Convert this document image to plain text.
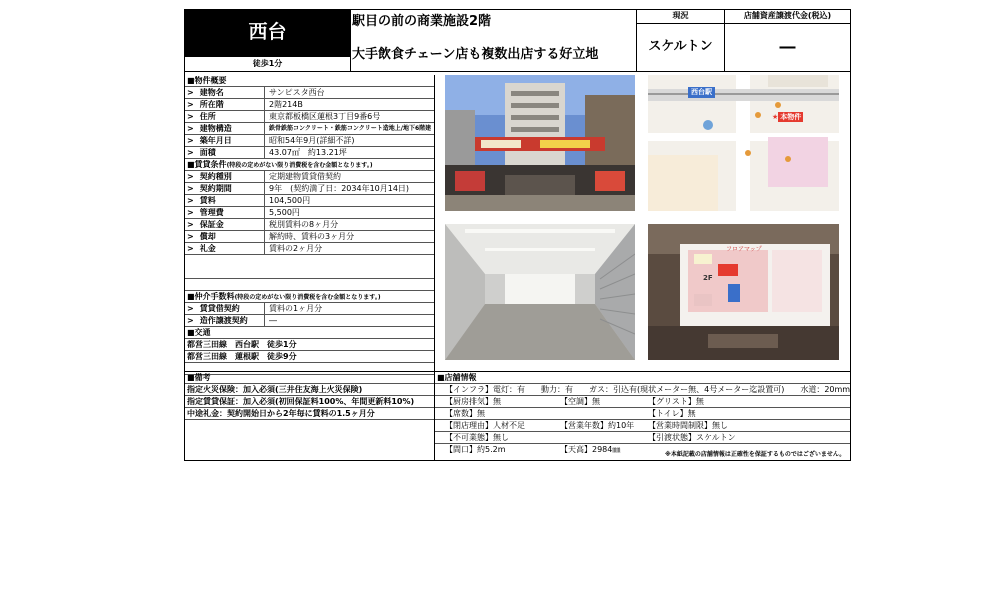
西台
徒歩1分
駅目の前の商業施設2階
大手飲食チェーン店も複数出店する好立地
現況
スケルトン
店舗資産譲渡代金(税込)
―
■物件概要
> 建物名	サンピスタ西台
> 所在階	2階214B
> 住所	東京都板橋区蓮根3丁目9番6号
> 建物構造	鉄骨鉄筋コンクリート・鉄筋コンクリート造地上/地下6階建
> 築年月日	昭和54年9月(詳細不詳)
> 面積	43.07㎡　約13.21坪
■賃貸条件(特段の定めがない限り消費税を含む金額となります。)
> 契約種別	定期建物賃貸借契約
> 契約期間	9年　(契約満了日：2034年10月14日)
> 賃料	104,500円
> 管理費	5,500円
> 保証金	税別賃料の8ヶ月分
> 償却	解約時、賃料の3ヶ月分
> 礼金	賃料の2ヶ月分
■仲介手数料(特段の定めがない限り消費税を含む金額となります。)
> 賃貸借契約	賃料の1ヶ月分
> 造作譲渡契約	―
■交通
都営三田線　西台駅　徒歩1分
都営三田線　蓮根駅　徒歩9分
西台駅
★ 本物件
2F
フロアマップ
■備考
指定火災保険：加入必須(三井住友海上火災保険)
指定賃貸保証：加入必須(初回保証料100%、年間更新料10%)
中途礼金：契約開始日から2年毎に賃料の1.5ヶ月分
■店舗情報
【インフラ】電灯：有　　動力：有　　ガス：引込有(現状メーター無、4号メーター迄設置可)　　水道：20mm
【厨房排気】無	【空調】無	【グリスト】無
【席数】無	【トイレ】無
【閉店理由】人材不足	【営業年数】約10年 【営業時間制限】無し
【不可業態】無し	【引渡状態】スケルトン
【間口】約5.2m	【天高】2984㎜
※本紙記載の店舗情報は正確性を保証するものではございません。
